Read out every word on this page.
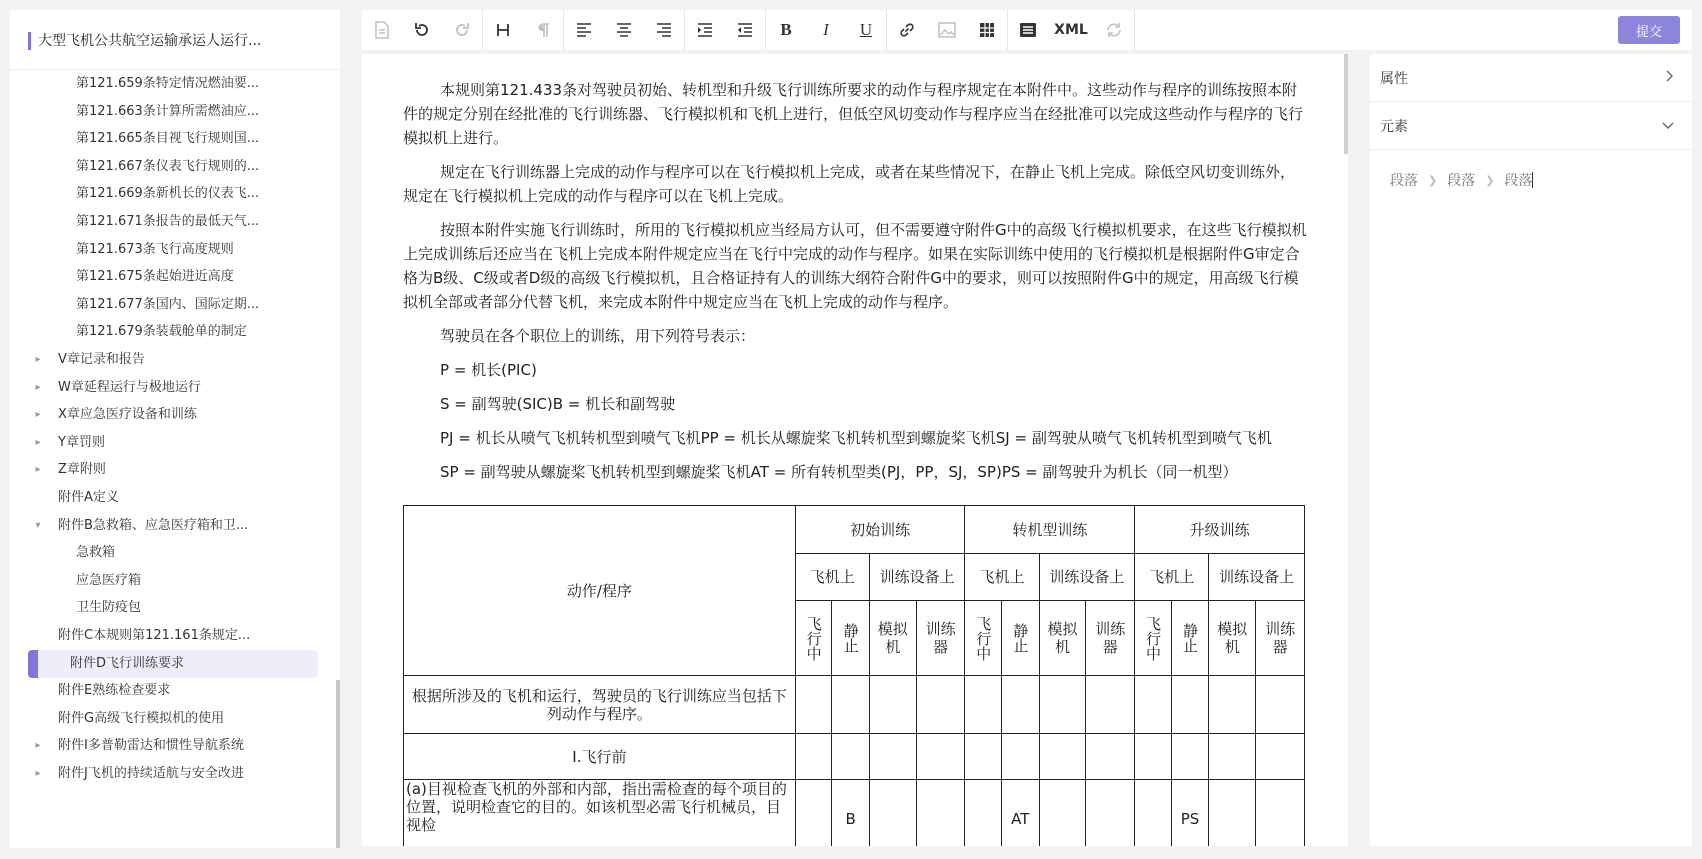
大型飞机公共航空运输承运人运行...
第121.659条特定情况燃油要...
第121.663条计算所需燃油应...
第121.665条目视飞行规则国...
第121.667条仪表飞行规则的...
第121.669条新机长的仪表飞...
第121.671条报告的最低天气...
第121.673条飞行高度规则
第121.675条起始进近高度
第121.677条国内、国际定期...
第121.679条装载舱单的制定
▸ V章记录和报告
▸ W章延程运行与极地运行
▸ X章应急医疗设备和训练
▸ Y章罚则
▸ Z章附则
附件A定义
▾ 附件B急救箱、应急医疗箱和卫...
急救箱
应急医疗箱
卫生防疫包
附件C本规则第121.161条规定...
附件D飞行训练要求
附件E熟练检查要求
附件G高级飞行模拟机的使用
▸ 附件I多普勒雷达和惯性导航系统
▸ 附件J飞机的持续适航与安全改进
B	I	U	XML	提交

本规则第121.433条对驾驶员初始、转机型和升级飞行训练所要求的动作与程序规定在本附件中。这些动作与程序的训练按照本附件的规定分别在经批准的飞行训练器、飞行模拟机和飞机上进行，但低空风切变动作与程序应当在经批准可以完成这些动作与程序的飞行模拟机上进行。

规定在飞行训练器上完成的动作与程序可以在飞行模拟机上完成，或者在某些情况下，在静止飞机上完成。除低空风切变训练外，规定在飞行模拟机上完成的动作与程序可以在飞机上完成。

按照本附件实施飞行训练时，所用的飞行模拟机应当经局方认可，但不需要遵守附件G中的高级飞行模拟机要求，在这些飞行模拟机上完成训练后还应当在飞机上完成本附件规定应当在飞行中完成的动作与程序。如果在实际训练中使用的飞行模拟机是根据附件G审定合格为B级、C级或者D级的高级飞行模拟机，且合格证持有人的训练大纲符合附件G中的要求，则可以按照附件G中的规定，用高级飞行模拟机全部或者部分代替飞机，来完成本附件中规定应当在飞机上完成的动作与程序。

驾驶员在各个职位上的训练，用下列符号表示：

P = 机长(PIC)

S = 副驾驶(SIC)B = 机长和副驾驶

PJ = 机长从喷气飞机转机型到喷气飞机PP = 机长从螺旋桨飞机转机型到螺旋桨飞机SJ = 副驾驶从喷气飞机转机型到喷气飞机

SP = 副驾驶从螺旋桨飞机转机型到螺旋桨飞机AT = 所有转机型类(PJ，PP，SJ，SP)PS = 副驾驶升为机长（同一机型）

动作/程序	初始训练				转机型训练				升级训练			
	飞机上		训练设备上		飞机上		训练设备上		飞机上		训练设备上	

	飞行中	静止	模拟机	训练器	飞行中	静止	模拟机	训练器	飞行中	静止	模拟机	训练器

根据所涉及的飞机和运行，驾驶员的飞行训练应当包括下列动作与程序。												
I.飞行前												
(a)目视检查飞机的外部和内部，指出需检查的每个项目的位置，说明检查它的目的。如该机型必需飞行机械员，目视检		B				AT				PS		
属性
元素
段落 ❯ 段落 ❯ 段落
